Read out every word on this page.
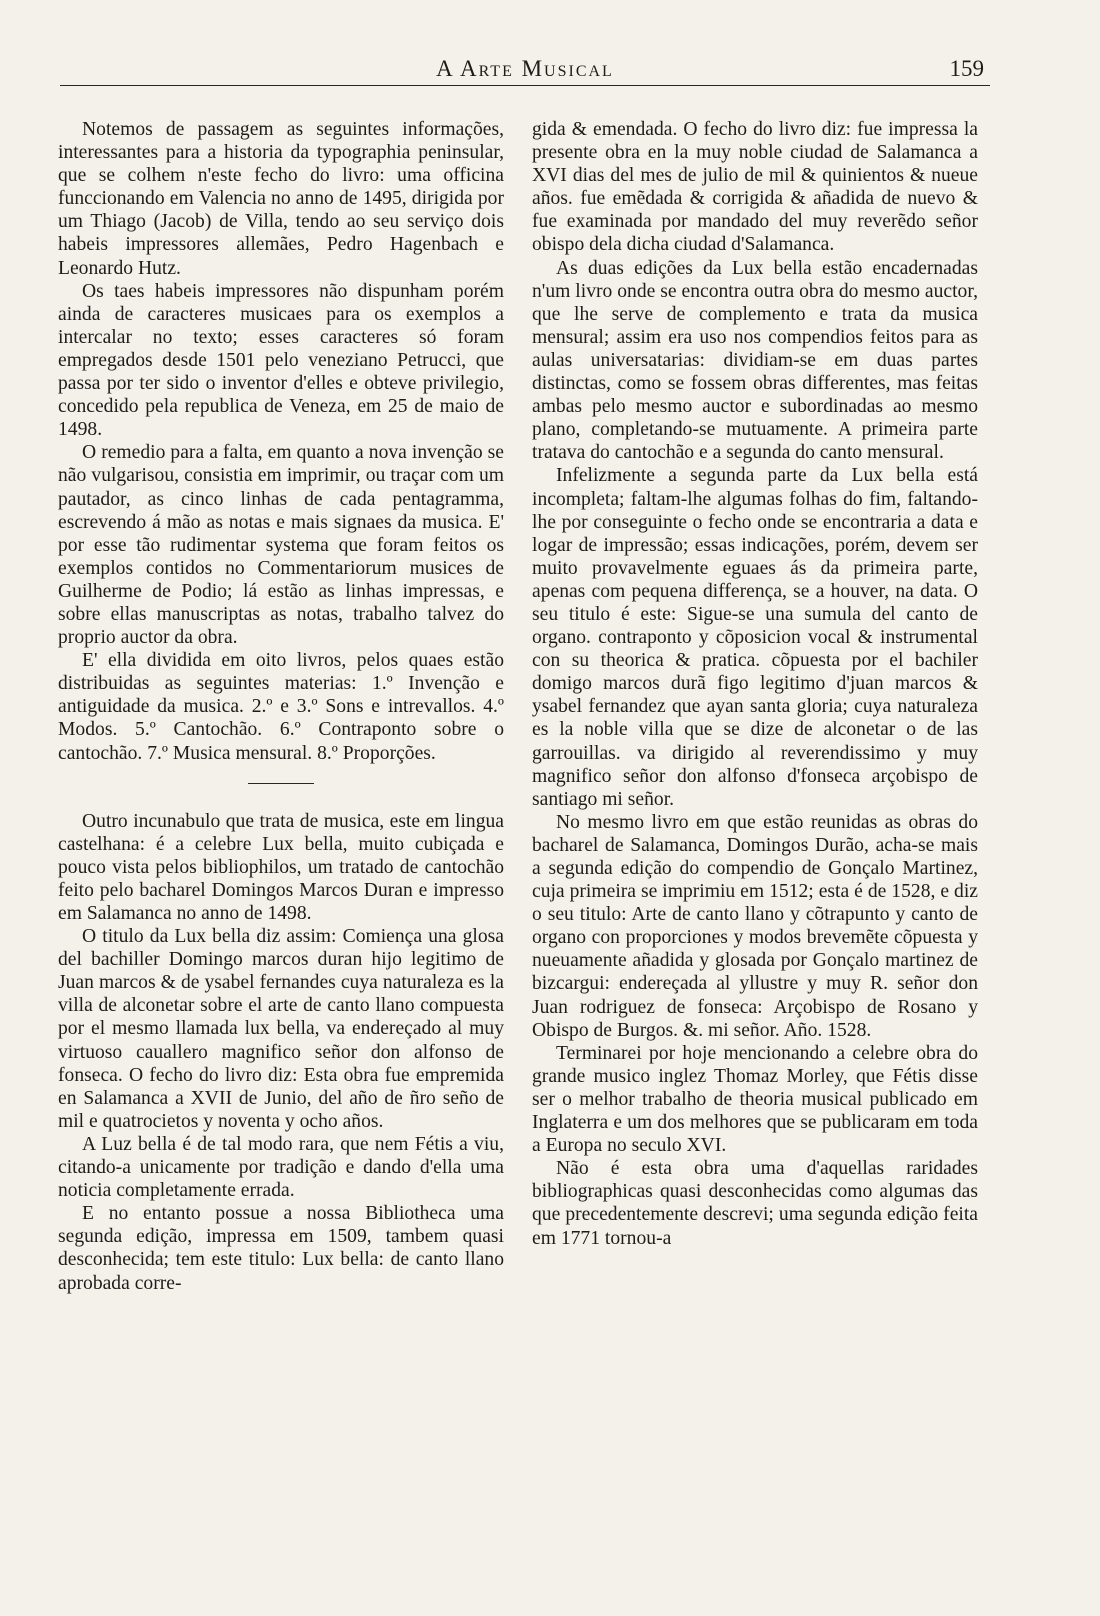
A Arte Musical	159

Notemos de passagem as seguintes informações, interessantes para a historia da typographia peninsular, que se colhem n'este fecho do livro: uma officina funccionando em Valencia no anno de 1495, dirigida por um Thiago (Jacob) de Villa, tendo ao seu serviço dois habeis impressores allemães, Pedro Hagenbach e Leonardo Hutz.

Os taes habeis impressores não dispunham porém ainda de caracteres musicaes para os exemplos a intercalar no texto; esses caracteres só foram empregados desde 1501 pelo veneziano Petrucci, que passa por ter sido o inventor d'elles e obteve privilegio, concedido pela republica de Veneza, em 25 de maio de 1498.

O remedio para a falta, em quanto a nova invenção se não vulgarisou, consistia em imprimir, ou traçar com um pautador, as cinco linhas de cada pentagramma, escrevendo á mão as notas e mais signaes da musica. E' por esse tão rudimentar systema que foram feitos os exemplos contidos no Commentariorum musices de Guilherme de Podio; lá estão as linhas impressas, e sobre ellas manuscriptas as notas, trabalho talvez do proprio auctor da obra.

E' ella dividida em oito livros, pelos quaes estão distribuidas as seguintes materias: 1.º Invenção e antiguidade da musica. 2.º e 3.º Sons e intrevallos. 4.º Modos. 5.º Cantochão. 6.º Contraponto sobre o cantochão. 7.º Musica mensural. 8.º Proporções.

Outro incunabulo que trata de musica, este em lingua castelhana: é a celebre Lux bella, muito cubiçada e pouco vista pelos bibliophilos, um tratado de cantochão feito pelo bacharel Domingos Marcos Duran e impresso em Salamanca no anno de 1498.

O titulo da Lux bella diz assim: Comiença una glosa del bachiller Domingo marcos duran hijo legitimo de Juan marcos & de ysabel fernandes cuya naturaleza es la villa de alconetar sobre el arte de canto llano compuesta por el mesmo llamada lux bella, va endereçado al muy virtuoso cauallero magnifico señor don alfonso de fonseca. O fecho do livro diz: Esta obra fue empremida en Salamanca a XVII de Junio, del año de ñro seño de mil e quatrocietos y noventa y ocho años.

A Luz bella é de tal modo rara, que nem Fétis a viu, citando-a unicamente por tradição e dando d'ella uma noticia completamente errada.

E no entanto possue a nossa Bibliotheca uma segunda edição, impressa em 1509, tambem quasi desconhecida; tem este titulo: Lux bella: de canto llano aprobada corre-

gida & emendada. O fecho do livro diz: fue impressa la presente obra en la muy noble ciudad de Salamanca a XVI dias del mes de julio de mil & quinientos & nueue años. fue emẽdada & corrigida & añadida de nuevo & fue examinada por mandado del muy reverẽdo señor obispo dela dicha ciudad d'Salamanca.

As duas edições da Lux bella estão encadernadas n'um livro onde se encontra outra obra do mesmo auctor, que lhe serve de complemento e trata da musica mensural; assim era uso nos compendios feitos para as aulas universatarias: dividiam-se em duas partes distinctas, como se fossem obras differentes, mas feitas ambas pelo mesmo auctor e subordinadas ao mesmo plano, completando-se mutuamente. A primeira parte tratava do cantochão e a segunda do canto mensural.

Infelizmente a segunda parte da Lux bella está incompleta; faltam-lhe algumas folhas do fim, faltando-lhe por conseguinte o fecho onde se encontraria a data e logar de impressão; essas indicações, porém, devem ser muito provavelmente eguaes ás da primeira parte, apenas com pequena differença, se a houver, na data. O seu titulo é este: Sigue-se una sumula del canto de organo. contraponto y cõposicion vocal & instrumental con su theorica & pratica. cõpuesta por el bachiler domigo marcos durã figo legitimo d'juan marcos & ysabel fernandez que ayan santa gloria; cuya naturaleza es la noble villa que se dize de alconetar o de las garrouillas. va dirigido al reverendissimo y muy magnifico señor don alfonso d'fonseca arçobispo de santiago mi señor.

No mesmo livro em que estão reunidas as obras do bacharel de Salamanca, Domingos Durão, acha-se mais a segunda edição do compendio de Gonçalo Martinez, cuja primeira se imprimiu em 1512; esta é de 1528, e diz o seu titulo: Arte de canto llano y cõtrapunto y canto de organo con proporciones y modos brevemẽte cõpuesta y nueuamente añadida y glosada por Gonçalo martinez de bizcargui: endereçada al yllustre y muy R. señor don Juan rodriguez de fonseca: Arçobispo de Rosano y Obispo de Burgos. &. mi señor. Año. 1528.

Terminarei por hoje mencionando a celebre obra do grande musico inglez Thomaz Morley, que Fétis disse ser o melhor trabalho de theoria musical publicado em Inglaterra e um dos melhores que se publicaram em toda a Europa no seculo XVI.

Não é esta obra uma d'aquellas raridades bibliographicas quasi desconhecidas como algumas das que precedentemente descrevi; uma segunda edição feita em 1771 tornou-a
